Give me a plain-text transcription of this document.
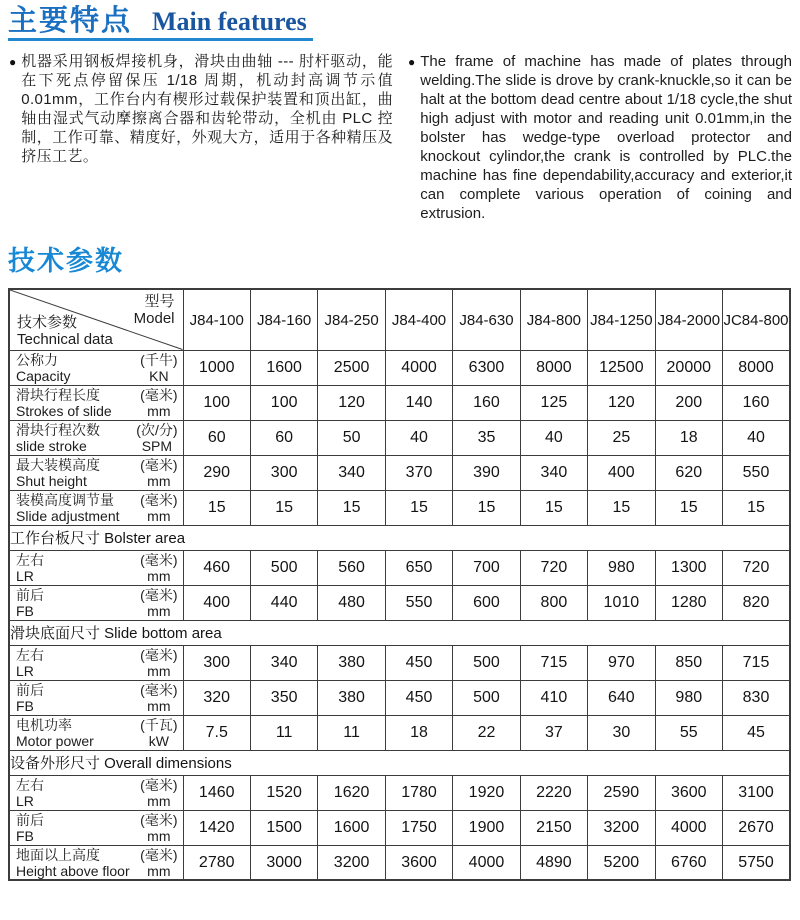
主要特点 Main features
● 机器采用钢板焊接机身，滑块由曲轴 --- 肘杆驱动，能在下死点停留保压 1/18 周期，机动封高调节示值 0.01mm，工作台内有楔形过载保护装置和顶出缸，曲轴由湿式气动摩擦离合器和齿轮带动，全机由 PLC 控制，工作可靠、精度好，外观大方，适用于各种精压及挤压工艺。

● The frame of machine has made of plates through welding.The slide is drove by crank-knuckle,so it can be halt at the bottom dead centre about 1/18 cycle,the shut high adjust with motor and reading unit 0.01mm,in the bolster has wedge-type overload protector and knockout cylindor,the crank is controlled by PLC.the machine has fine dependability,accuracy and exterior,it can complete various operation of coining and extrusion.

技术参数
型号
Model
技术参数
Technical data	J84-100	J84-160	J84-250	J84-400	J84-630	J84-800	J84-1250	J84-2000	JC84-800

公称力
Capacity
(千牛)
KN	1000	1600	2500	4000	6300	8000	12500	20000	8000

滑块行程长度
Strokes of slide
(毫米)
mm	100	100	120	140	160	125	120	200	160

滑块行程次数
slide stroke
(次/分)
SPM	60	60	50	40	35	40	25	18	40

最大装模高度
Shut height
(毫米)
mm	290	300	340	370	390	340	400	620	550

装模高度调节量
Slide adjustment
(毫米)
mm	15	15	15	15	15	15	15	15	15
工作台板尺寸 Bolster area									

左右
LR
(毫米)
mm	460	500	560	650	700	720	980	1300	720

前后
FB
(毫米)
mm	400	440	480	550	600	800	1010	1280	820
滑块底面尺寸 Slide bottom area									

左右
LR
(毫米)
mm	300	340	380	450	500	715	970	850	715

前后
FB
(毫米)
mm	320	350	380	450	500	410	640	980	830

电机功率
Motor power
(千瓦)
kW	7.5	11	11	18	22	37	30	55	45
设备外形尺寸 Overall dimensions									

左右
LR
(毫米)
mm	1460	1520	1620	1780	1920	2220	2590	3600	3100

前后
FB
(毫米)
mm	1420	1500	1600	1750	1900	2150	3200	4000	2670

地面以上高度
Height above floor
(毫米)
mm	2780	3000	3200	3600	4000	4890	5200	6760	5750
